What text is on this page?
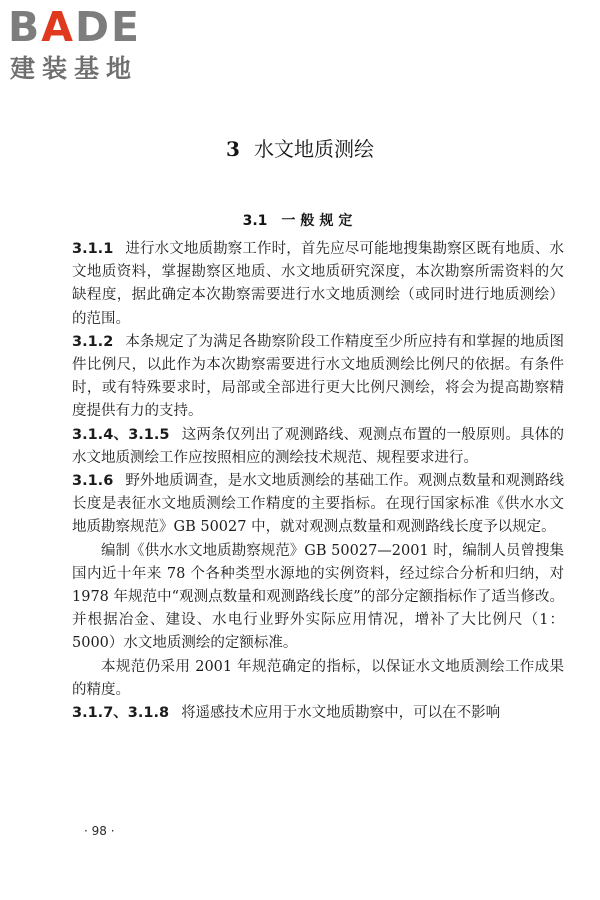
BADE
建装基地
3 水文地质测绘
3.1 一般规定

3.1.1 进行水文地质勘察工作时，首先应尽可能地搜集勘察区既有地质、水文地质资料，掌握勘察区地质、水文地质研究深度，本次勘察所需资料的欠缺程度，据此确定本次勘察需要进行水文地质测绘（或同时进行地质测绘）的范围。

3.1.2 本条规定了为满足各勘察阶段工作精度至少所应持有和掌握的地质图件比例尺，以此作为本次勘察需要进行水文地质测绘比例尺的依据。有条件时，或有特殊要求时，局部或全部进行更大比例尺测绘，将会为提高勘察精度提供有力的支持。

3.1.4、3.1.5 这两条仅列出了观测路线、观测点布置的一般原则。具体的水文地质测绘工作应按照相应的测绘技术规范、规程要求进行。

3.1.6 野外地质调查，是水文地质测绘的基础工作。观测点数量和观测路线长度是表征水文地质测绘工作精度的主要指标。在现行国家标准《供水水文地质勘察规范》GB 50027 中，就对观测点数量和观测路线长度予以规定。

编制《供水水文地质勘察规范》GB 50027—2001 时，编制人员曾搜集国内近十年来 78 个各种类型水源地的实例资料，经过综合分析和归纳，对 1978 年规范中“观测点数量和观测路线长度”的部分定额指标作了适当修改。并根据冶金、建设、水电行业野外实际应用情况，增补了大比例尺（1：5000）水文地质测绘的定额标准。

本规范仍采用 2001 年规范确定的指标，以保证水文地质测绘工作成果的精度。

3.1.7、3.1.8 将遥感技术应用于水文地质勘察中，可以在不影响

· 98 ·
